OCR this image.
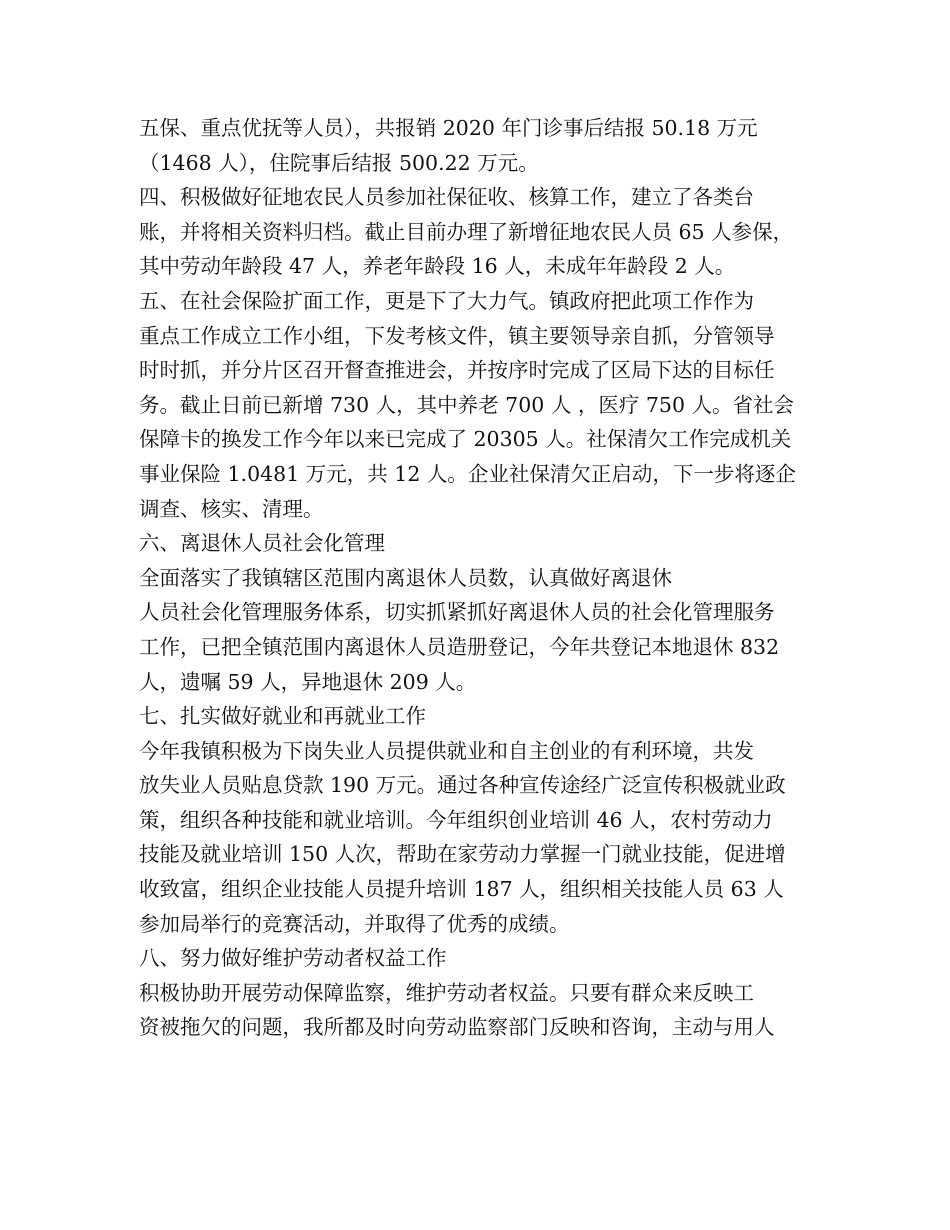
五保、重点优抚等人员），共报销 2020 年门诊事后结报 50.18 万元
（1468 人），住院事后结报 500.22 万元。
四、积极做好征地农民人员参加社保征收、核算工作，建立了各类台
账，并将相关资料归档。截止目前办理了新增征地农民人员 65 人参保，
其中劳动年龄段 47 人，养老年龄段 16 人，未成年年龄段 2 人。
五、在社会保险扩面工作，更是下了大力气。镇政府把此项工作作为
重点工作成立工作小组，下发考核文件，镇主要领导亲自抓，分管领导
时时抓，并分片区召开督查推进会，并按序时完成了区局下达的目标任
务。截止日前已新增 730 人，其中养老 700 人 ，医疗 750 人。省社会
保障卡的换发工作今年以来已完成了 20305 人。社保清欠工作完成机关
事业保险 1.0481 万元，共 12 人。企业社保清欠正启动，下一步将逐企
调查、核实、清理。
六、离退休人员社会化管理
全面落实了我镇辖区范围内离退休人员数，认真做好离退休
人员社会化管理服务体系，切实抓紧抓好离退休人员的社会化管理服务
工作，已把全镇范围内离退休人员造册登记，今年共登记本地退休 832
人，遗嘱 59 人，异地退休 209 人。
七、扎实做好就业和再就业工作
今年我镇积极为下岗失业人员提供就业和自主创业的有利环境，共发
放失业人员贴息贷款 190 万元。通过各种宣传途经广泛宣传积极就业政
策，组织各种技能和就业培训。今年组织创业培训 46 人，农村劳动力
技能及就业培训 150 人次，帮助在家劳动力掌握一门就业技能，促进增
收致富，组织企业技能人员提升培训 187 人，组织相关技能人员 63 人
参加局举行的竞赛活动，并取得了优秀的成绩。
八、努力做好维护劳动者权益工作
积极协助开展劳动保障监察，维护劳动者权益。只要有群众来反映工
资被拖欠的问题，我所都及时向劳动监察部门反映和咨询，主动与用人
